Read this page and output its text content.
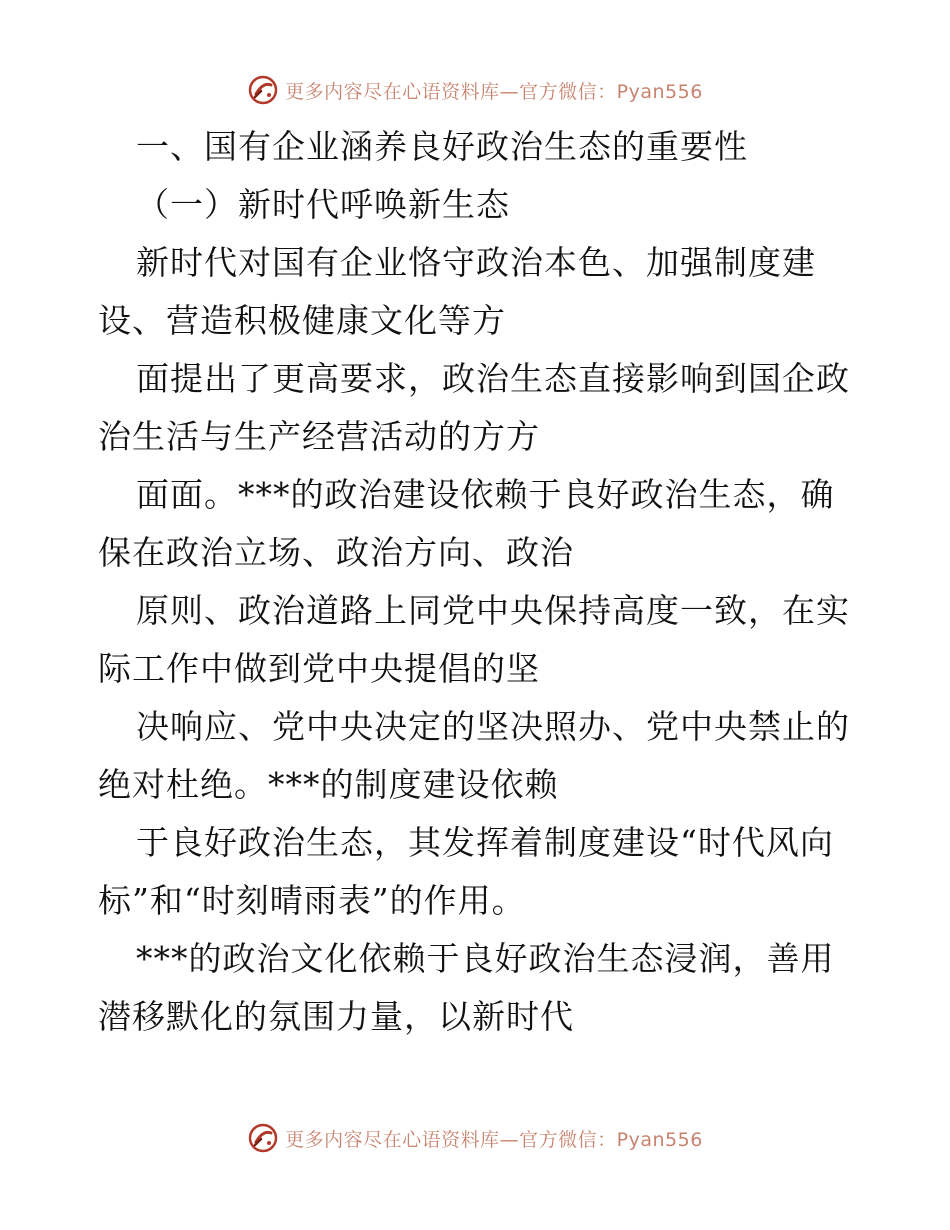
更多内容尽在心语资料库—官方微信：Pyan556
一、国有企业涵养良好政治生态的重要性
（一）新时代呼唤新生态
新时代对国有企业恪守政治本色、加强制度建
设、营造积极健康文化等方
面提出了更高要求，政治生态直接影响到国企政
治生活与生产经营活动的方方
面面。***的政治建设依赖于良好政治生态，确
保在政治立场、政治方向、政治
原则、政治道路上同党中央保持高度一致，在实
际工作中做到党中央提倡的坚
决响应、党中央决定的坚决照办、党中央禁止的
绝对杜绝。***的制度建设依赖
于良好政治生态，其发挥着制度建设“时代风向
标”和“时刻晴雨表”的作用。
***的政治文化依赖于良好政治生态浸润，善用
潜移默化的氛围力量，以新时代
更多内容尽在心语资料库—官方微信：Pyan556
